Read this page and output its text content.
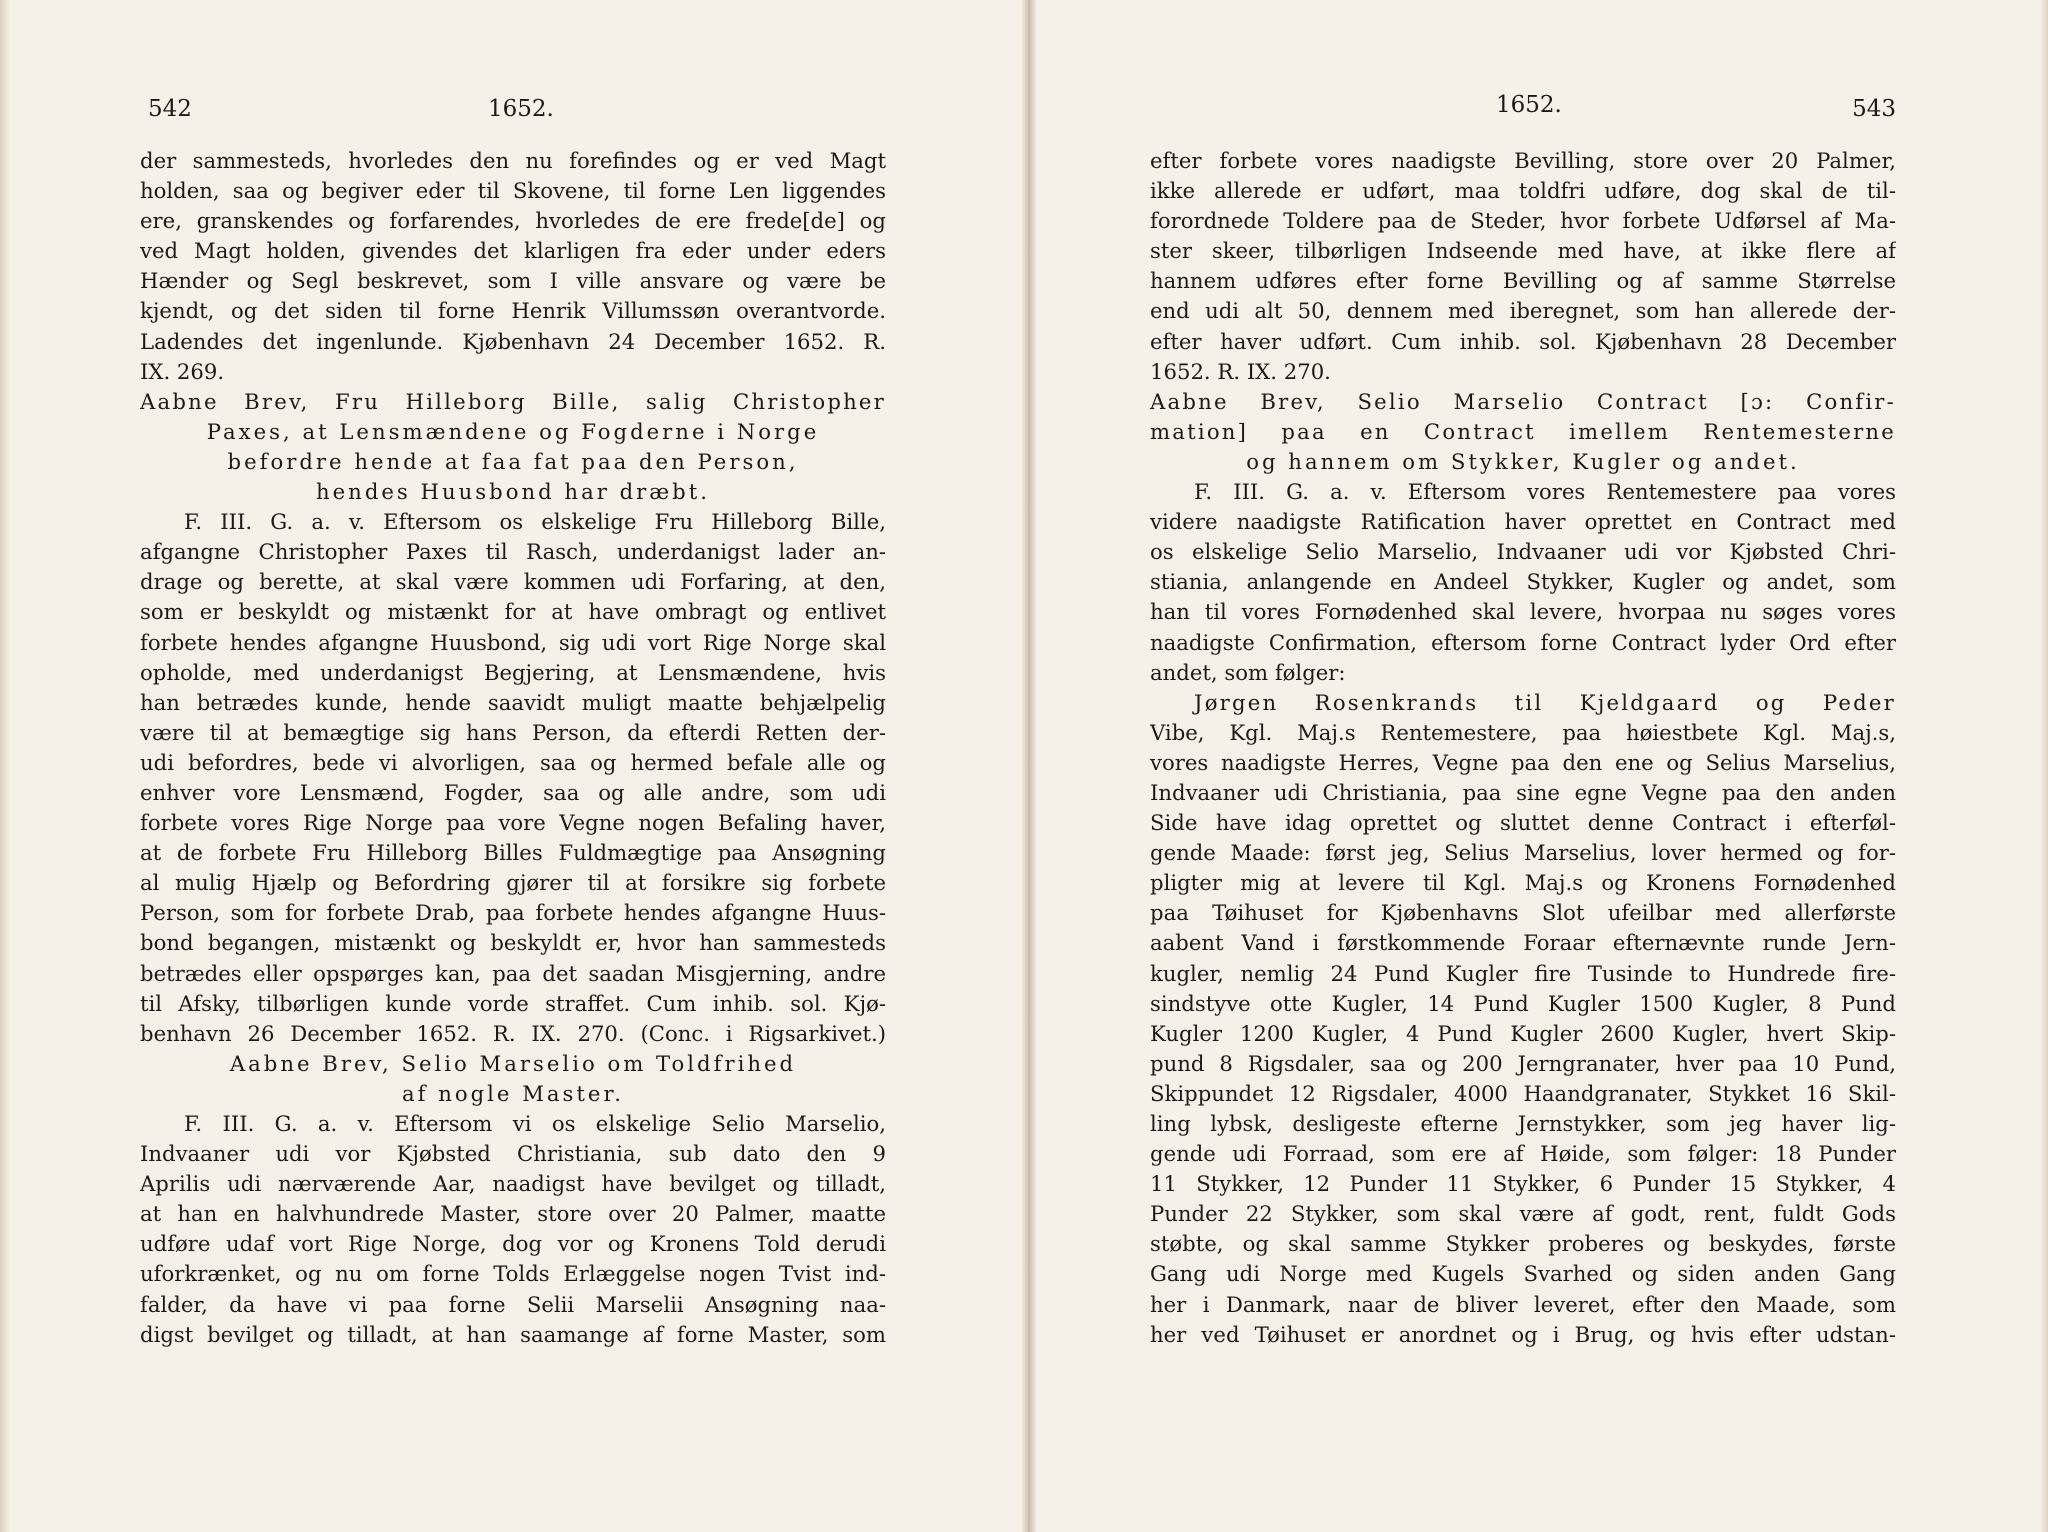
542	1652.
der sammesteds, hvorledes den nu forefindes og er ved Magt
holden, saa og begiver eder til Skovene, til forne Len liggendes
ere, granskendes og forfarendes, hvorledes de ere frede[de] og
ved Magt holden, givendes det klarligen fra eder under eders
Hænder og Segl beskrevet, som I ville ansvare og være be
kjendt, og det siden til forne Henrik Villumssøn overantvorde.
Ladendes det ingenlunde. Kjøbenhavn 24 December 1652. R.
IX. 269.
Aabne Brev, Fru Hilleborg Bille, salig Christopher
Paxes, at Lensmændene og Fogderne i Norge
befordre hende at faa fat paa den Person,
hendes Huusbond har dræbt.
F. III. G. a. v. Eftersom os elskelige Fru Hilleborg Bille,
afgangne Christopher Paxes til Rasch, underdanigst lader an-
drage og berette, at skal være kommen udi Forfaring, at den,
som er beskyldt og mistænkt for at have ombragt og entlivet
forbete hendes afgangne Huusbond, sig udi vort Rige Norge skal
opholde, med underdanigst Begjering, at Lensmændene, hvis
han betrædes kunde, hende saavidt muligt maatte behjælpelig
være til at bemægtige sig hans Person, da efterdi Retten der-
udi befordres, bede vi alvorligen, saa og hermed befale alle og
enhver vore Lensmænd, Fogder, saa og alle andre, som udi
forbete vores Rige Norge paa vore Vegne nogen Befaling haver,
at de forbete Fru Hilleborg Billes Fuldmægtige paa Ansøgning
al mulig Hjælp og Befordring gjører til at forsikre sig forbete
Person, som for forbete Drab, paa forbete hendes afgangne Huus-
bond begangen, mistænkt og beskyldt er, hvor han sammesteds
betrædes eller opspørges kan, paa det saadan Misgjerning, andre
til Afsky, tilbørligen kunde vorde straffet. Cum inhib. sol. Kjø-
benhavn 26 December 1652. R. IX. 270. (Conc. i Rigsarkivet.)
Aabne Brev, Selio Marselio om Toldfrihed
af nogle Master.
F. III. G. a. v. Eftersom vi os elskelige Selio Marselio,
Indvaaner udi vor Kjøbsted Christiania, sub dato den 9
Aprilis udi nærværende Aar, naadigst have bevilget og tilladt,
at han en halvhundrede Master, store over 20 Palmer, maatte
udføre udaf vort Rige Norge, dog vor og Kronens Told derudi
uforkrænket, og nu om forne Tolds Erlæggelse nogen Tvist ind-
falder, da have vi paa forne Selii Marselii Ansøgning naa-
digst bevilget og tilladt, at han saamange af forne Master, som
1652.	543
efter forbete vores naadigste Bevilling, store over 20 Palmer,
ikke allerede er udført, maa toldfri udføre, dog skal de til-
forordnede Toldere paa de Steder, hvor forbete Udførsel af Ma-
ster skeer, tilbørligen Indseende med have, at ikke flere af
hannem udføres efter forne Bevilling og af samme Størrelse
end udi alt 50, dennem med iberegnet, som han allerede der-
efter haver udført. Cum inhib. sol. Kjøbenhavn 28 December
1652. R. IX. 270.
Aabne Brev, Selio Marselio Contract [ɔ: Confir-
mation] paa en Contract imellem Rentemesterne
og hannem om Stykker, Kugler og andet.
F. III. G. a. v. Eftersom vores Rentemestere paa vores
videre naadigste Ratification haver oprettet en Contract med
os elskelige Selio Marselio, Indvaaner udi vor Kjøbsted Chri-
stiania, anlangende en Andeel Stykker, Kugler og andet, som
han til vores Fornødenhed skal levere, hvorpaa nu søges vores
naadigste Confirmation, eftersom forne Contract lyder Ord efter
andet, som følger:
Jørgen Rosenkrands til Kjeldgaard og Peder
Vibe, Kgl. Maj.s Rentemestere, paa høiestbete Kgl. Maj.s,
vores naadigste Herres, Vegne paa den ene og Selius Marselius,
Indvaaner udi Christiania, paa sine egne Vegne paa den anden
Side have idag oprettet og sluttet denne Contract i efterføl-
gende Maade: først jeg, Selius Marselius, lover hermed og for-
pligter mig at levere til Kgl. Maj.s og Kronens Fornødenhed
paa Tøihuset for Kjøbenhavns Slot ufeilbar med allerførste
aabent Vand i førstkommende Foraar efternævnte runde Jern-
kugler, nemlig 24 Pund Kugler fire Tusinde to Hundrede fire-
sindstyve otte Kugler, 14 Pund Kugler 1500 Kugler, 8 Pund
Kugler 1200 Kugler, 4 Pund Kugler 2600 Kugler, hvert Skip-
pund 8 Rigsdaler, saa og 200 Jerngranater, hver paa 10 Pund,
Skippundet 12 Rigsdaler, 4000 Haandgranater, Stykket 16 Skil-
ling lybsk, desligeste efterne Jernstykker, som jeg haver lig-
gende udi Forraad, som ere af Høide, som følger: 18 Punder
11 Stykker, 12 Punder 11 Stykker, 6 Punder 15 Stykker, 4
Punder 22 Stykker, som skal være af godt, rent, fuldt Gods
støbte, og skal samme Stykker proberes og beskydes, første
Gang udi Norge med Kugels Svarhed og siden anden Gang
her i Danmark, naar de bliver leveret, efter den Maade, som
her ved Tøihuset er anordnet og i Brug, og hvis efter udstan-
